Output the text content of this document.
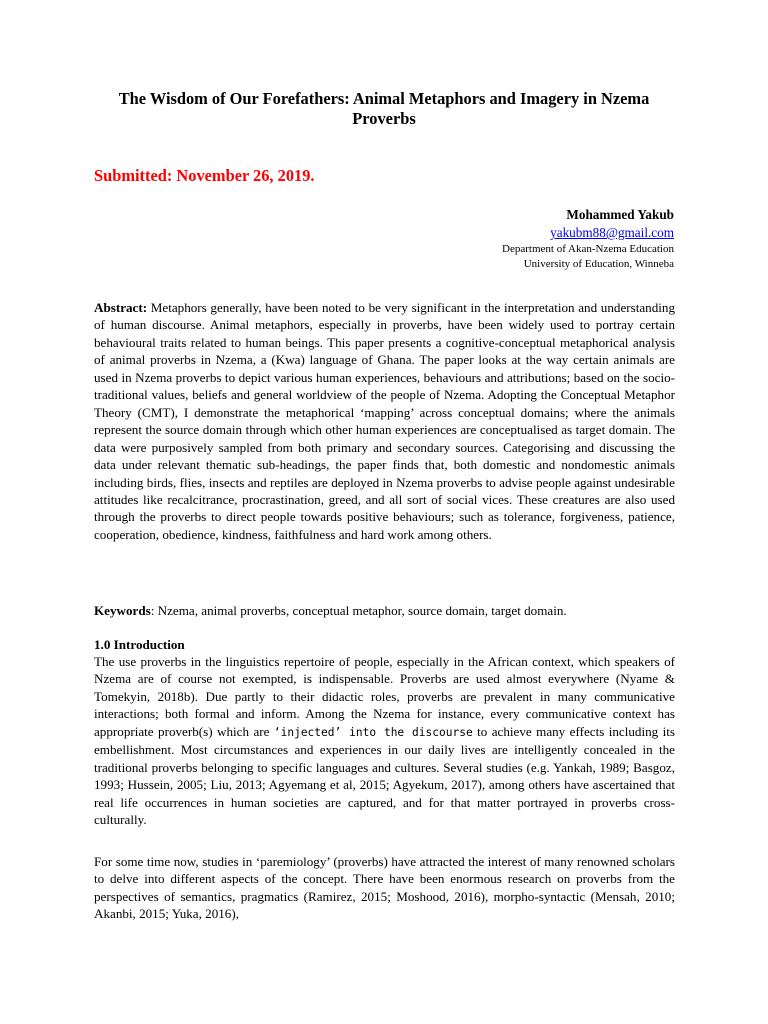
The Wisdom of Our Forefathers: Animal Metaphors and Imagery in Nzema Proverbs
Submitted: November 26, 2019.
Mohammed Yakub
yakubm88@gmail.com
Department of Akan-Nzema Education
University of Education, Winneba
Abstract: Metaphors generally, have been noted to be very significant in the interpretation and understanding of human discourse. Animal metaphors, especially in proverbs, have been widely used to portray certain behavioural traits related to human beings. This paper presents a cognitive-conceptual metaphorical analysis of animal proverbs in Nzema, a (Kwa) language of Ghana. The paper looks at the way certain animals are used in Nzema proverbs to depict various human experiences, behaviours and attributions; based on the socio-traditional values, beliefs and general worldview of the people of Nzema. Adopting the Conceptual Metaphor Theory (CMT), I demonstrate the metaphorical ‘mapping’ across conceptual domains; where the animals represent the source domain through which other human experiences are conceptualised as target domain. The data were purposively sampled from both primary and secondary sources. Categorising and discussing the data under relevant thematic sub-headings, the paper finds that, both domestic and nondomestic animals including birds, flies, insects and reptiles are deployed in Nzema proverbs to advise people against undesirable attitudes like recalcitrance, procrastination, greed, and all sort of social vices. These creatures are also used through the proverbs to direct people towards positive behaviours; such as tolerance, forgiveness, patience, cooperation, obedience, kindness, faithfulness and hard work among others.
Keywords: Nzema, animal proverbs, conceptual metaphor, source domain, target domain.
1.0 Introduction
The use proverbs in the linguistics repertoire of people, especially in the African context, which speakers of Nzema are of course not exempted, is indispensable. Proverbs are used almost everywhere (Nyame & Tomekyin, 2018b). Due partly to their didactic roles, proverbs are prevalent in many communicative interactions; both formal and inform. Among the Nzema for instance, every communicative context has appropriate proverb(s) which are ‘injected’ into the discourse to achieve many effects including its embellishment. Most circumstances and experiences in our daily lives are intelligently concealed in the traditional proverbs belonging to specific languages and cultures. Several studies (e.g. Yankah, 1989; Basgoz, 1993; Hussein, 2005; Liu, 2013; Agyemang et al, 2015; Agyekum, 2017), among others have ascertained that real life occurrences in human societies are captured, and for that matter portrayed in proverbs cross-culturally.
For some time now, studies in ‘paremiology’ (proverbs) have attracted the interest of many renowned scholars to delve into different aspects of the concept. There have been enormous research on proverbs from the perspectives of semantics, pragmatics (Ramirez, 2015; Moshood, 2016), morpho-syntactic (Mensah, 2010; Akanbi, 2015; Yuka, 2016),
